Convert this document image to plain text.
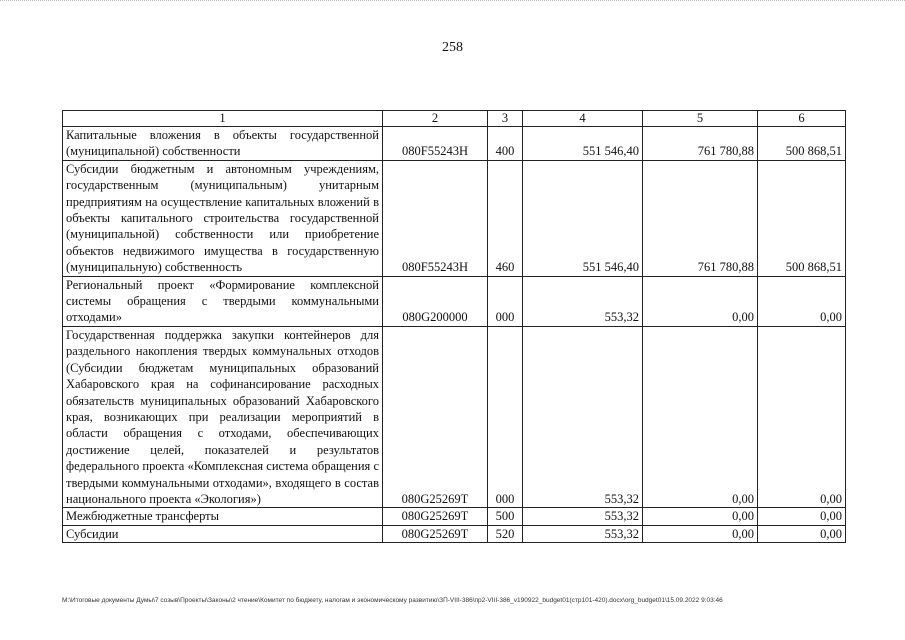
258
1	2	3	4	5	6
Капитальные вложения в объекты государственной (муниципальной) собственности	080F55243Н	400	551 546,40	761 780,88	500 868,51
Субсидии бюджетным и автономным учреждениям, государственным (муниципальным) унитарным предприятиям на осуществление капитальных вложений в объекты капитального строительства государственной (муниципальной) собственности или приобретение объектов недвижимого имущества в государственную (муниципальную) собственность	080F55243Н	460	551 546,40	761 780,88	500 868,51
Региональный проект «Формирование комплексной системы обращения с твердыми коммунальными отходами»	080G200000	000	553,32	0,00	0,00
Государственная поддержка закупки контейнеров для раздельного накопления твердых коммунальных отходов (Субсидии бюджетам муниципальных образований Хабаровского края на софинансирование расходных обязательств муниципальных образований Хабаровского края, возникающих при реализации мероприятий в области обращения с отходами, обеспечивающих достижение целей, показателей и результатов федерального проекта «Комплексная система обращения с твердыми коммунальными отходами», входящего в состав национального проекта «Экология»)	080G25269Т	000	553,32	0,00	0,00
Межбюджетные трансферты	080G25269Т	500	553,32	0,00	0,00
Субсидии	080G25269Т	520	553,32	0,00	0,00
M:\Итоговые документы Думы\7 созыв\Проекты\Законы\2 чтение\Комитет по бюджету, налогам и экономическому развитию\ЗП-VIII-386\пр2-VIII-386_v190922_budget01(стр101-420).docx\org_budget01\15.09.2022 9:03:46
